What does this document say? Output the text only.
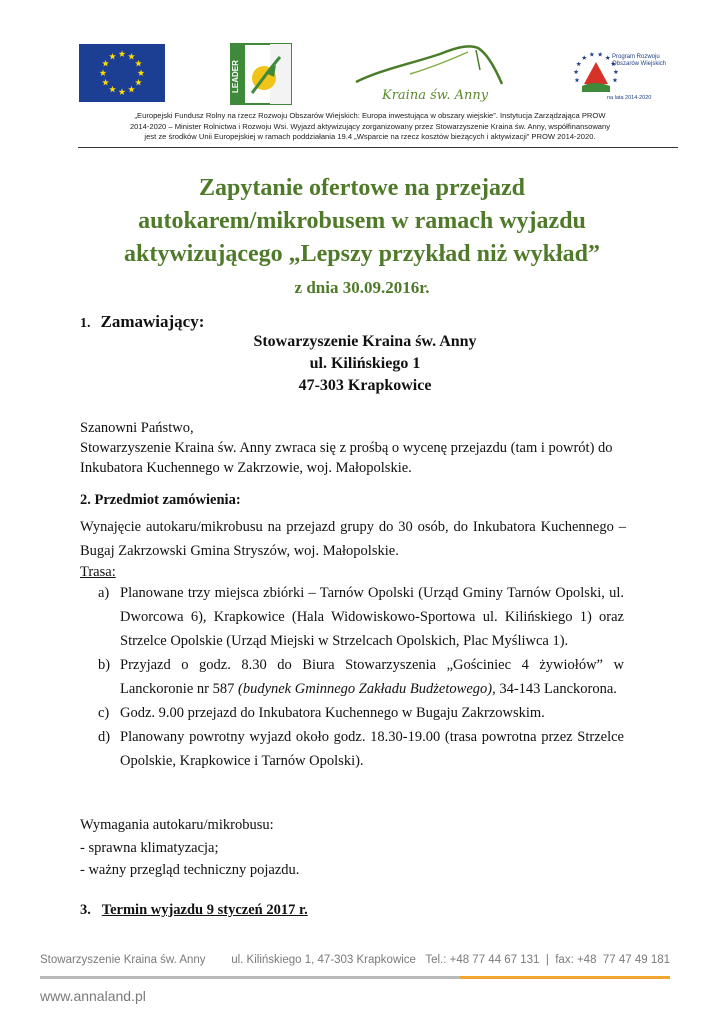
LEADER
Kraina św. Anny
Program Rozwoju Obszarów Wiejskich
na lata 2014-2020
„Europejski Fundusz Rolny na rzecz Rozwoju Obszarów Wiejskich: Europa inwestująca w obszary wiejskie”. Instytucja Zarządzająca PROW
2014-2020 – Minister Rolnictwa i Rozwoju Wsi. Wyjazd aktywizujący zorganizowany przez Stowarzyszenie Kraina św. Anny, współfinansowany
jest ze środków Unii Europejskiej w ramach poddziałania 19.4 „Wsparcie na rzecz kosztów bieżących i aktywizacji” PROW 2014-2020.
Zapytanie ofertowe na przejazd
autokarem/mikrobusem w ramach wyjazdu
aktywizującego „Lepszy przykład niż wykład”
z dnia 30.09.2016r.
1. Zamawiający:
Stowarzyszenie Kraina św. Anny
ul. Kilińskiego 1
47-303 Krapkowice
Szanowni Państwo,
Stowarzyszenie Kraina św. Anny zwraca się z prośbą o wycenę przejazdu (tam i powrót) do Inkubatora Kuchennego w Zakrzowie, woj. Małopolskie.
2. Przedmiot zamówienia:
Wynajęcie autokaru/mikrobusu na przejazd grupy do 30 osób, do Inkubatora Kuchennego – Bugaj Zakrzowski Gmina Stryszów, woj. Małopolskie.
Trasa:
a) Planowane trzy miejsca zbiórki – Tarnów Opolski (Urząd Gminy Tarnów Opolski, ul. Dworcowa 6), Krapkowice (Hala Widowiskowo-Sportowa ul. Kilińskiego 1) oraz Strzelce Opolskie (Urząd Miejski w Strzelcach Opolskich, Plac Myśliwca 1).
b) Przyjazd o godz. 8.30 do Biura Stowarzyszenia „Gościniec 4 żywiołów” w Lanckoronie nr 587 (budynek Gminnego Zakładu Budżetowego), 34-143 Lanckorona.
c) Godz. 9.00 przejazd do Inkubatora Kuchennego w Bugaju Zakrzowskim.
d) Planowany powrotny wyjazd około godz. 18.30-19.00 (trasa powrotna przez Strzelce Opolskie, Krapkowice i Tarnów Opolski).
Wymagania autokaru/mikrobusu:
- sprawna klimatyzacja;
- ważny przegląd techniczny pojazdu.
3. Termin wyjazdu 9 styczeń 2017 r.
Stowarzyszenie Kraina św. Anny ul. Kilińskiego 1, 47-303 Krapkowice   Tel.: +48 77 44 67 131  |  fax: +48  77 47 49 181
www.annaland.pl
